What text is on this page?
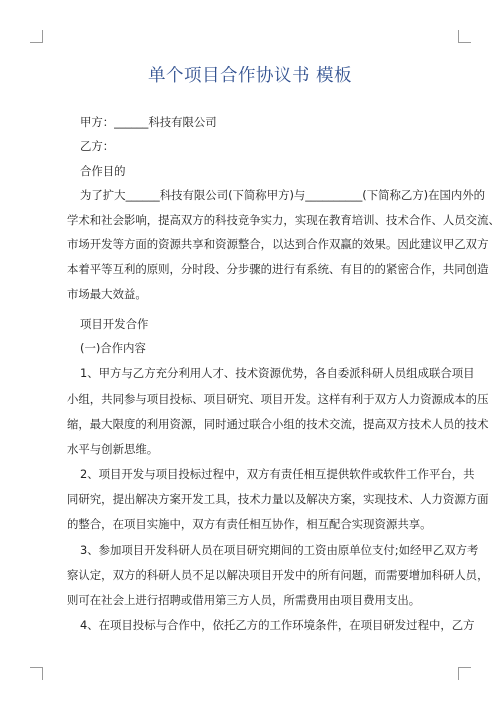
单个项目合作协议书 模板
甲方：______科技有限公司
乙方：
合作目的
为了扩大______科技有限公司(下简称甲方)与__________(下简称乙方)在国内外的
学术和社会影响，提高双方的科技竞争实力，实现在教育培训、技术合作、人员交流、
市场开发等方面的资源共享和资源整合，以达到合作双赢的效果。因此建议甲乙双方
本着平等互利的原则，分时段、分步骤的进行有系统、有目的的紧密合作，共同创造
市场最大效益。
项目开发合作
(一)合作内容
1、甲方与乙方充分利用人才、技术资源优势，各自委派科研人员组成联合项目
小组，共同参与项目投标、项目研究、项目开发。这样有利于双方人力资源成本的压
缩，最大限度的利用资源，同时通过联合小组的技术交流，提高双方技术人员的技术
水平与创新思维。
2、项目开发与项目投标过程中，双方有责任相互提供软件或软件工作平台，共
同研究，提出解决方案开发工具，技术力量以及解决方案，实现技术、人力资源方面
的整合，在项目实施中，双方有责任相互协作，相互配合实现资源共享。
3、参加项目开发科研人员在项目研究期间的工资由原单位支付;如经甲乙双方考
察认定，双方的科研人员不足以解决项目开发中的所有问题，而需要增加科研人员，
则可在社会上进行招聘或借用第三方人员，所需费用由项目费用支出。
4、在项目投标与合作中，依托乙方的工作环境条件，在项目研发过程中，乙方
